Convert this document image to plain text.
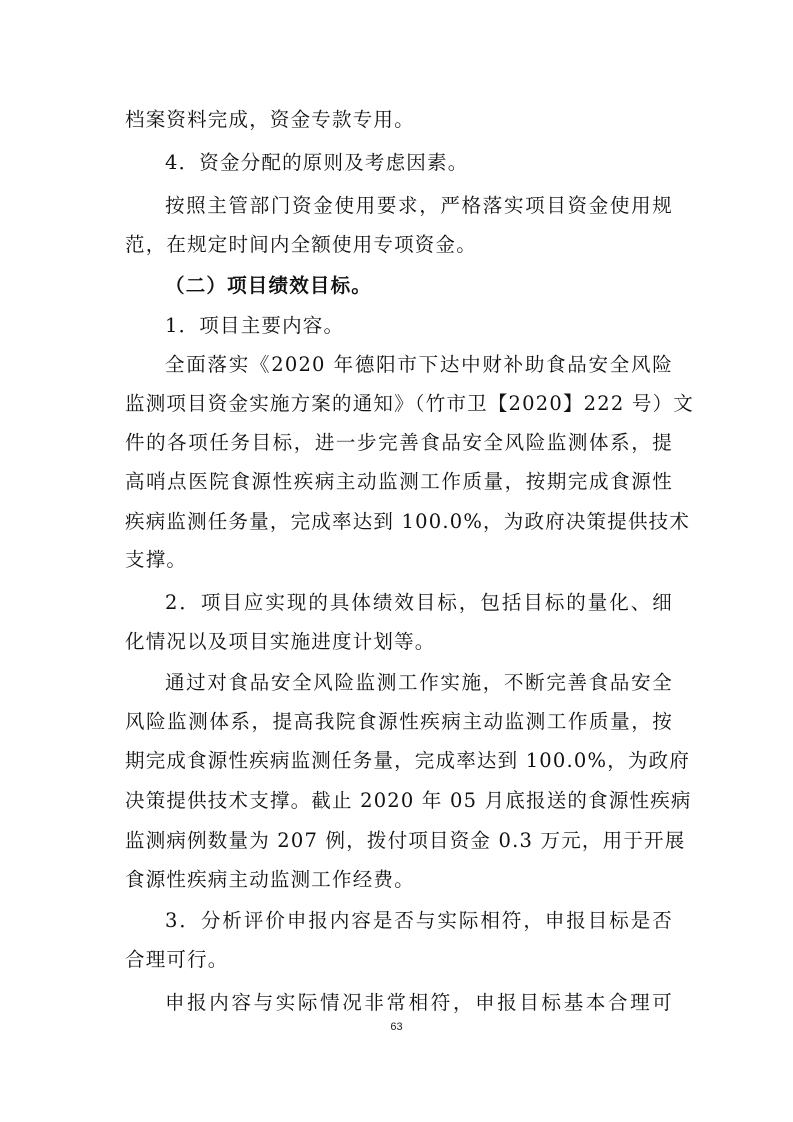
档案资料完成，资金专款专用。
4．资金分配的原则及考虑因素。
按照主管部门资金使用要求，严格落实项目资金使用规
范，在规定时间内全额使用专项资金。
（二）项目绩效目标。
1．项目主要内容。
全面落实《2020 年德阳市下达中财补助食品安全风险
监测项目资金实施方案的通知》（竹市卫【2020】222 号）文
件的各项任务目标，进一步完善食品安全风险监测体系，提
高哨点医院食源性疾病主动监测工作质量，按期完成食源性
疾病监测任务量，完成率达到 100.0%，为政府决策提供技术
支撑。
2．项目应实现的具体绩效目标，包括目标的量化、细
化情况以及项目实施进度计划等。
通过对食品安全风险监测工作实施，不断完善食品安全
风险监测体系，提高我院食源性疾病主动监测工作质量，按
期完成食源性疾病监测任务量，完成率达到 100.0%，为政府
决策提供技术支撑。截止 2020 年 05 月底报送的食源性疾病
监测病例数量为 207 例，拨付项目资金 0.3 万元，用于开展
食源性疾病主动监测工作经费。
3．分析评价申报内容是否与实际相符，申报目标是否
合理可行。
申报内容与实际情况非常相符，申报目标基本合理可
63
